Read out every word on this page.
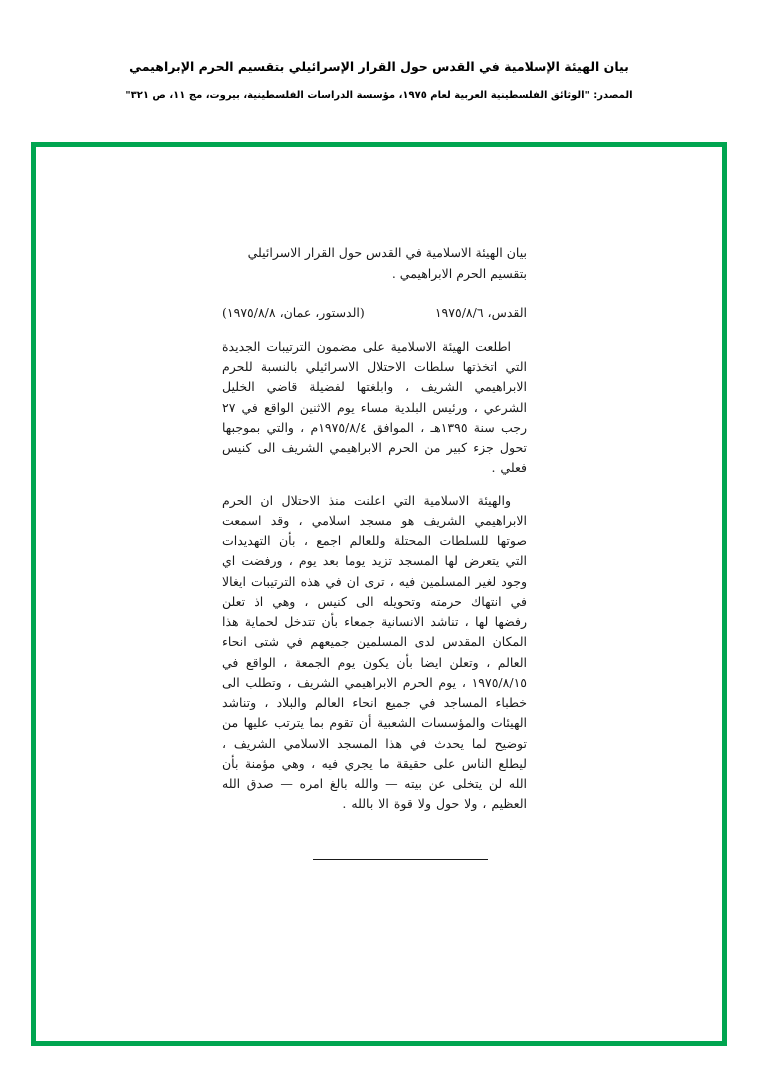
بيان الهيئة الإسلامية في القدس حول القرار الإسرائيلي بتقسيم الحرم الإبراهيمي
المصدر: "الوثائق الفلسطينية العربية لعام ١٩٧٥، مؤسسة الدراسات الفلسطينية، بيروت، مج ١١، ص ٣٢١"
بيان الهيئة الاسلامية في القدس حول القرار الاسرائيلي بتقسيم الحرم الابراهيمي .
القدس، ١٩٧٥/٨/٦
(الدستور، عمان، ١٩٧٥/٨/٨)

اطلعت الهيئة الاسلامية على مضمون الترتيبات الجديدة التي اتخذتها سلطات الاحتلال الاسرائيلي بالنسبة للحرم الابراهيمي الشريف ، وابلغتها لفضيلة قاضي الخليل الشرعي ، ورئيس البلدية مساء يوم الاثنين الواقع في ٢٧ رجب سنة ١٣٩٥هـ ، الموافق ١٩٧٥/٨/٤م ، والتي بموجبها تحول جزء كبير من الحرم الابراهيمي الشريف الى كنيس فعلي .

والهيئة الاسلامية التي اعلنت منذ الاحتلال ان الحرم الابراهيمي الشريف هو مسجد اسلامي ، وقد اسمعت صوتها للسلطات المحتلة وللعالم اجمع ، بأن التهديدات التي يتعرض لها المسجد تزيد يوما بعد يوم ، ورفضت اي وجود لغير المسلمين فيه ، ترى ان في هذه الترتيبات ايغالا في انتهاك حرمته وتحويله الى كنيس ، وهي اذ تعلن رفضها لها ، تناشد الانسانية جمعاء بأن تتدخل لحماية هذا المكان المقدس لدى المسلمين جميعهم في شتى انحاء العالم ، وتعلن ايضا بأن يكون يوم الجمعة ، الواقع في ١٩٧٥/٨/١٥ ، يوم الحرم الابراهيمي الشريف ، وتطلب الى خطباء المساجد في جميع انحاء العالم والبلاد ، وتناشد الهيئات والمؤسسات الشعبية أن تقوم بما يترتب عليها من توضيح لما يحدث في هذا المسجد الاسلامي الشريف ، ليطلع الناس على حقيقة ما يجري فيه ، وهي مؤمنة بأن الله لن يتخلى عن بيته — والله بالغ امره — صدق الله العظيم ، ولا حول ولا قوة الا بالله .
